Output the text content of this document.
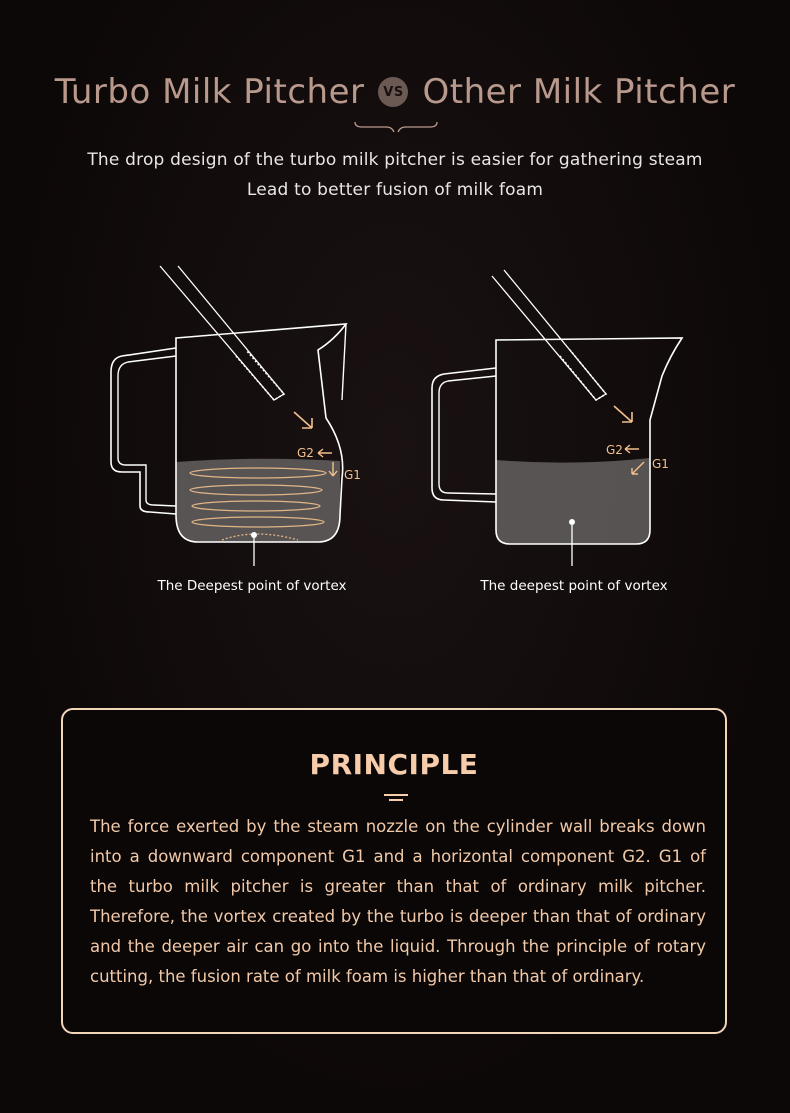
Turbo Milk Pitcher	VS Other Milk Pitcher
The drop design of the turbo milk pitcher is easier for gathering steam
Lead to better fusion of milk foam
G2
G1
G2
G1
The Deepest point of vortex	The deepest point of vortex
PRINCIPLE
The force exerted by the steam nozzle on the cylinder wall breaks down into a downward component G1 and a horizontal component G2. G1 of the turbo milk pitcher is greater than that of ordinary milk pitcher. Therefore, the vortex created by the turbo is deeper than that of ordinary and the deeper air can go into the liquid. Through the principle of rotary cutting, the fusion rate of milk foam is higher than that of ordinary.
